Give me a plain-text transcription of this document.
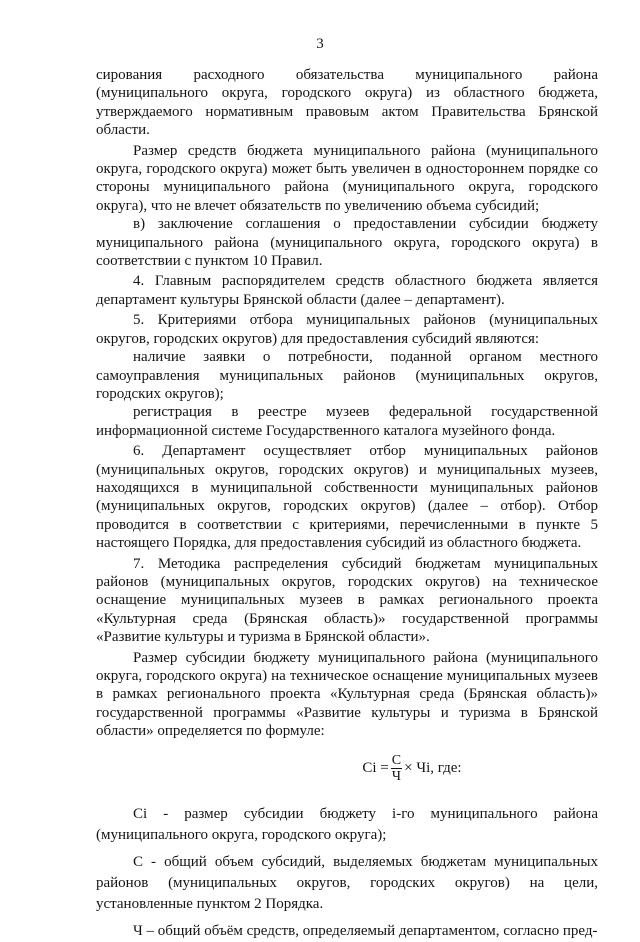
3

сирования расходного обязательства муниципального района (муниципального округа, городского округа) из областного бюджета, утверждаемого нормативным правовым актом Правительства Брянской области.

Размер средств бюджета муниципального района (муниципального округа, городского округа) может быть увеличен в одностороннем порядке со стороны муниципального района (муниципального округа, городского округа), что не влечет обязательств по увеличению объема субсидий;

в) заключение соглашения о предоставлении субсидии бюджету муниципального района (муниципального округа, городского округа) в соответствии с пунктом 10 Правил.

4. Главным распорядителем средств областного бюджета является департамент культуры Брянской области (далее – департамент).

5. Критериями отбора муниципальных районов (муниципальных округов, городских округов) для предоставления субсидий являются:

наличие заявки о потребности, поданной органом местного самоуправления муниципальных районов (муниципальных округов, городских округов);

регистрация в реестре музеев федеральной государственной информационной системе Государственного каталога музейного фонда.

6. Департамент осуществляет отбор муниципальных районов (муниципальных округов, городских округов) и муниципальных музеев, находящихся в муниципальной собственности муниципальных районов (муниципальных округов, городских округов) (далее – отбор). Отбор проводится в соответствии с критериями, перечисленными в пункте 5 настоящего Порядка, для предоставления субсидий из областного бюджета.

7. Методика распределения субсидий бюджетам муниципальных районов (муниципальных округов, городских округов) на техническое оснащение муниципальных музеев в рамках регионального проекта «Культурная среда (Брянская область)» государственной программы «Развитие культуры и туризма в Брянской области».

Размер субсидии бюджету муниципального района (муниципального округа, городского округа) на техническое оснащение муниципальных музеев в рамках регионального проекта «Культурная среда (Брянская область)» государственной программы «Развитие культуры и туризма в Брянской области» определяется по формуле:

$Ci = \frac{С}{Ч}$ × Чi, где:

Ci - размер субсидии бюджету i-го муниципального района (муниципального округа, городского округа);

С - общий объем субсидий, выделяемых бюджетам муниципальных районов (муниципальных округов, городских округов) на цели, установленные пунктом 2 Порядка.

Ч – общий объём средств, определяемый департаментом, согласно пред-
